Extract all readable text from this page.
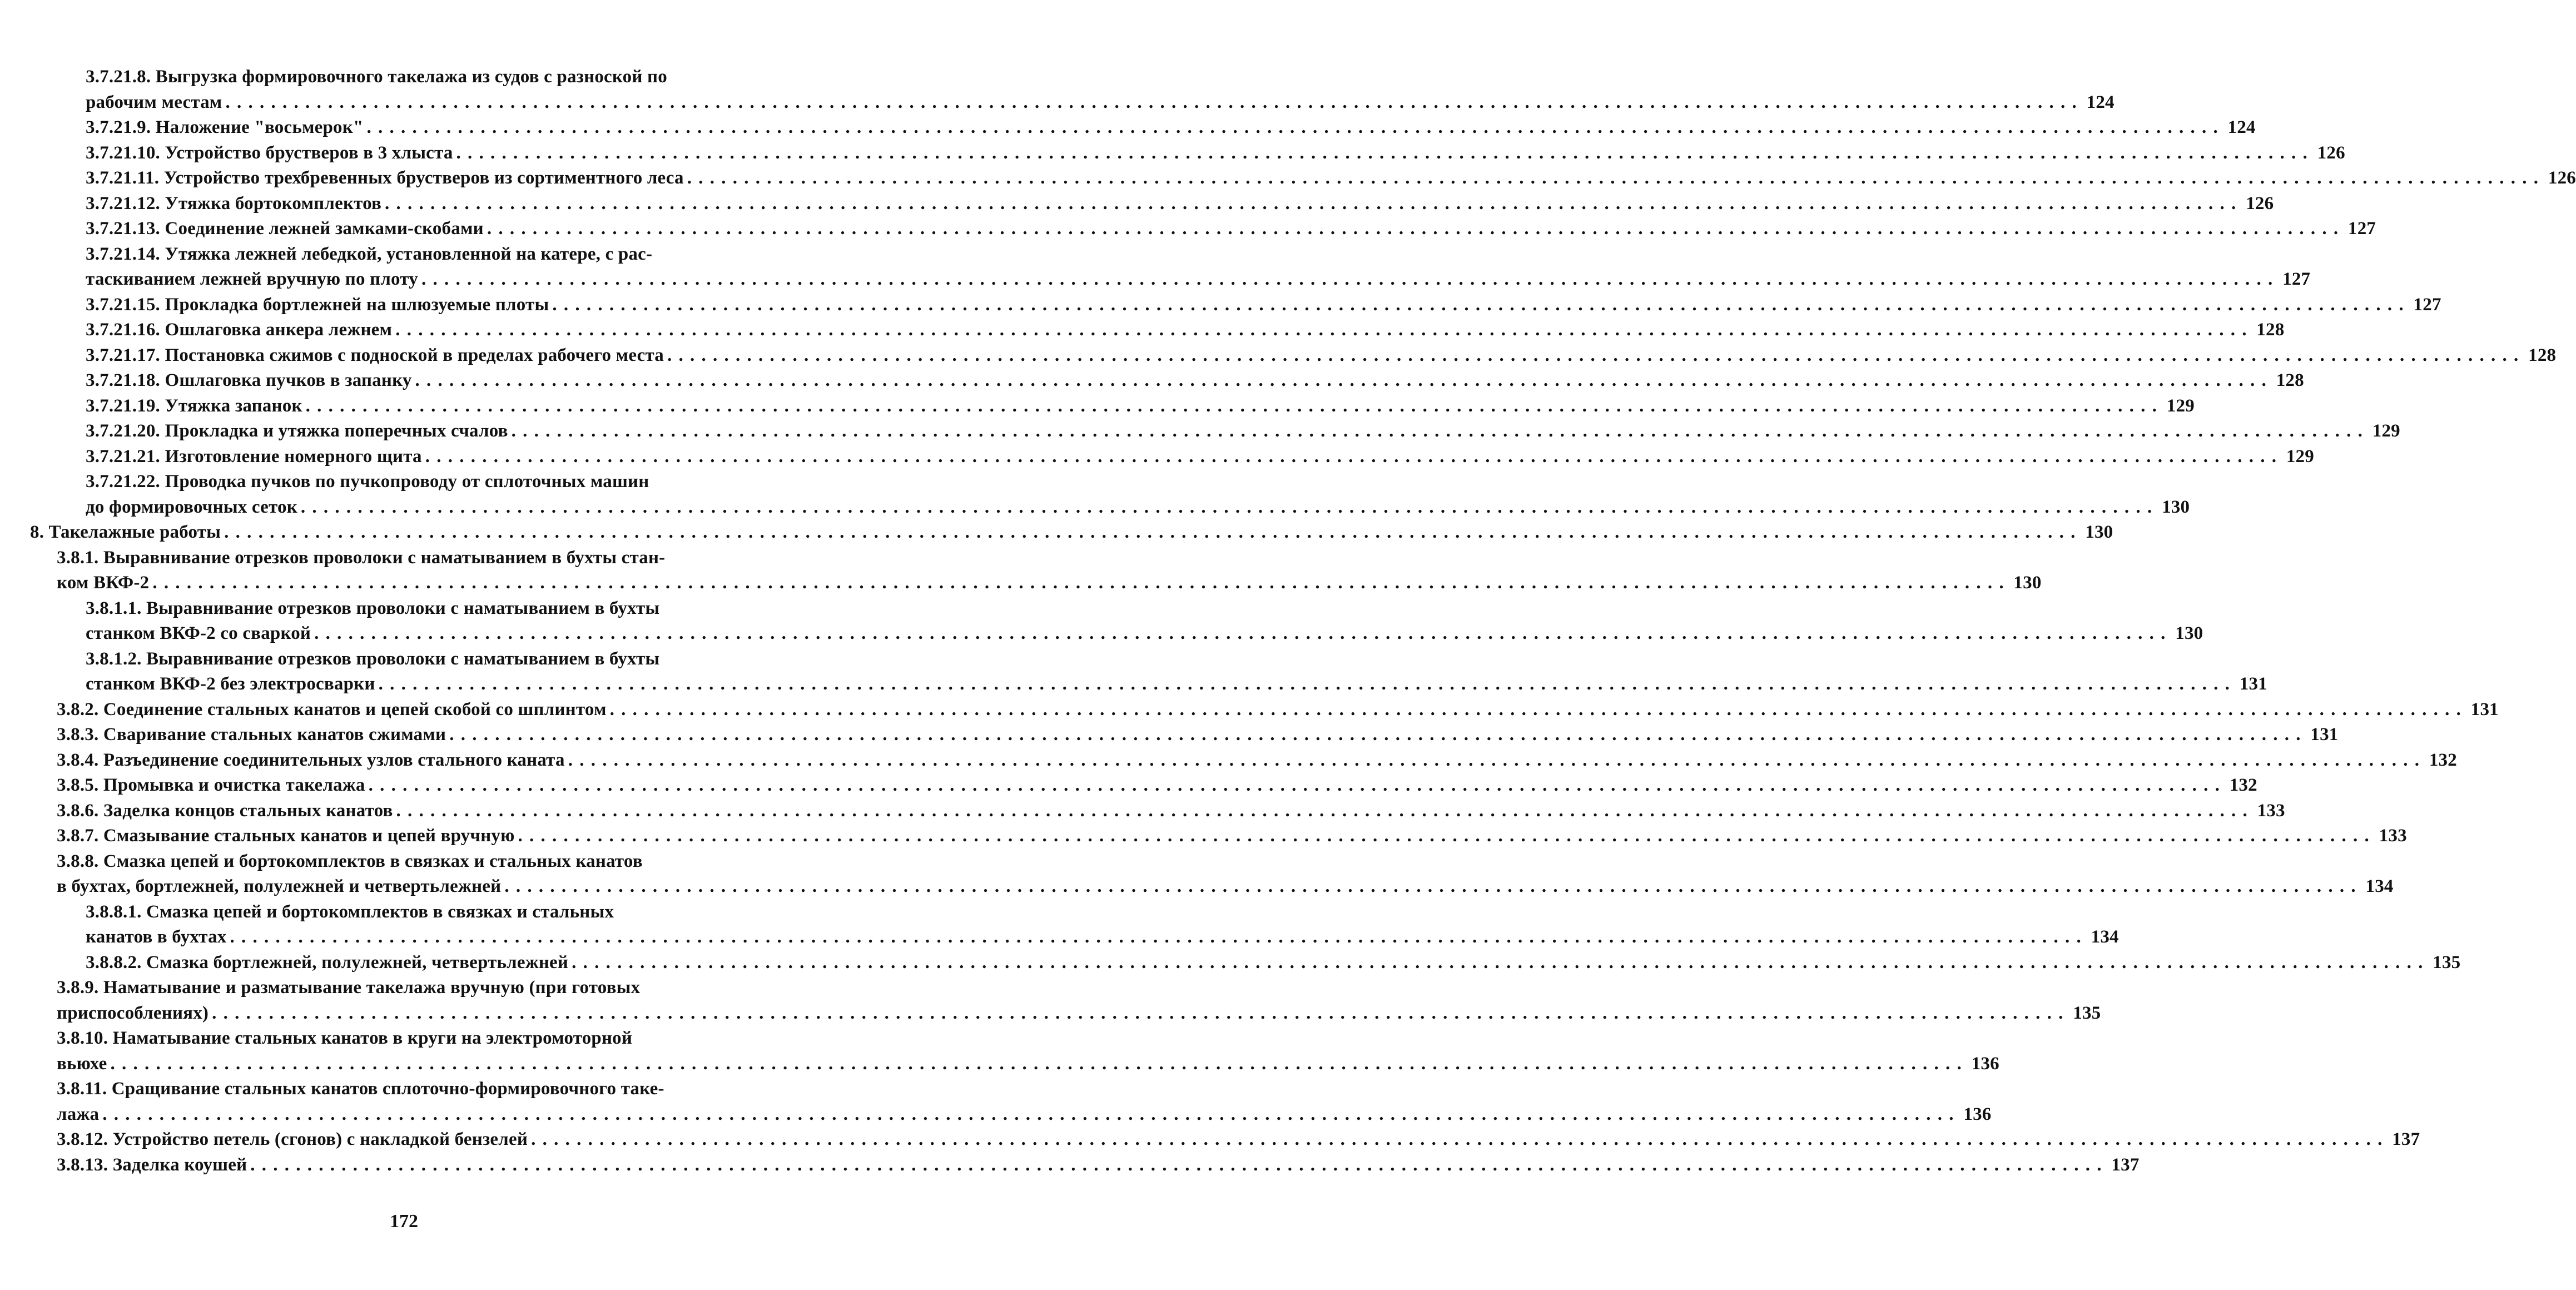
3.7.21.8. Выгрузка формировочного такелажа из судов с разноской по
рабочим местам . . .	124
3.7.21.9. Наложение "восьмерок" . . .	124
3.7.21.10. Устройство брустверов в 3 хлыста . . .	126
3.7.21.11. Устройство трехбревенных брустверов из сортиментного леса . . .	126
3.7.21.12. Утяжка бортокомплектов . . .	126
3.7.21.13. Соединение лежней замками-скобами . . .	127
3.7.21.14. Утяжка лежней лебедкой, установленной на катере, с рас-
таскиванием лежней вручную по плоту . . .	127
3.7.21.15. Прокладка бортлежней на шлюзуемые плоты . . .	127
3.7.21.16. Ошлаговка анкера лежнем . . .	128
3.7.21.17. Постановка сжимов с подноской в пределах рабочего места . . .	128
3.7.21.18. Ошлаговка пучков в запанку . . .	128
3.7.21.19. Утяжка запанок . . .	129
3.7.21.20. Прокладка и утяжка поперечных счалов . . .	129
3.7.21.21. Изготовление номерного щита . . .	129
3.7.21.22. Проводка пучков по пучкопроводу от сплоточных машин
до формировочных сеток . . .	130
8. Такелажные работы . . .	130
3.8.1. Выравнивание отрезков проволоки с наматыванием в бухты стан-
ком ВКФ-2 . . .	130
3.8.1.1. Выравнивание отрезков проволоки с наматыванием в бухты
станком ВКФ-2 со сваркой . . .	130
3.8.1.2. Выравнивание отрезков проволоки с наматыванием в бухты
станком ВКФ-2 без электросварки . . .	131
3.8.2. Соединение стальных канатов и цепей скобой со шплинтом . . .	131
3.8.3. Сваривание стальных канатов сжимами . . .	131
3.8.4. Разъединение соединительных узлов стального каната . . .	132
3.8.5. Промывка и очистка такелажа . . .	132
3.8.6. Заделка концов стальных канатов . . .	133
3.8.7. Смазывание стальных канатов и цепей вручную . . .	133
3.8.8. Смазка цепей и бортокомплектов в связках и стальных канатов
в бухтах, бортлежней, полулежней и четвертьлежней . . .	134
3.8.8.1. Смазка цепей и бортокомплектов в связках и стальных
канатов в бухтах . . .	134
3.8.8.2. Смазка бортлежней, полулежней, четвертьлежней . . .	135
3.8.9. Наматывание и разматывание такелажа вручную (при готовых
приспособлениях) . . .	135
3.8.10. Наматывание стальных канатов в круги на электромоторной
вьюхе . . .	136
3.8.11. Сращивание стальных канатов сплоточно-формировочного таке-
лажа . . .	136
3.8.12. Устройство петель (сгонов) с накладкой бензелей . . .	137
3.8.13. Заделка коушей . . .	137
172
